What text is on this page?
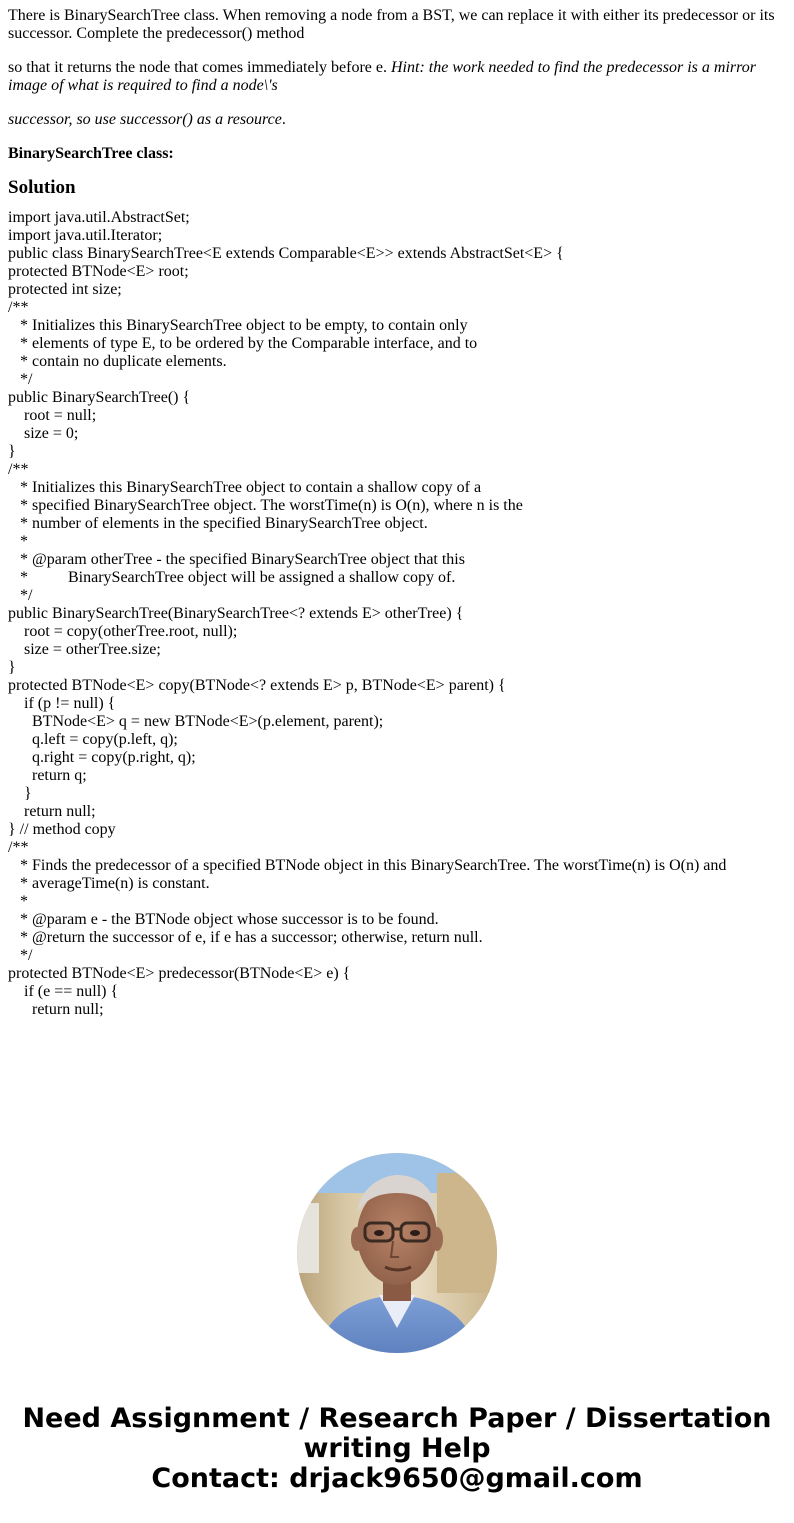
There is BinarySearchTree class. When removing a node from a BST, we can replace it with either its predecessor or its successor. Complete the predecessor() method

so that it returns the node that comes immediately before e. Hint: the work needed to find the predecessor is a mirror image of what is required to find a node\'s

successor, so use successor() as a resource.

BinarySearchTree class:

Solution

import java.util.AbstractSet;
import java.util.Iterator;

public class BinarySearchTree<E extends Comparable<E>> extends AbstractSet<E> {
protected BTNode<E> root;

protected int size;

/**
* Initializes this BinarySearchTree object to be empty, to contain only
* elements of type E, to be ordered by the Comparable interface, and to
* contain no duplicate elements.
*/
public BinarySearchTree() {
root = null;
size = 0;
}

/**
* Initializes this BinarySearchTree object to contain a shallow copy of a
* specified BinarySearchTree object. The worstTime(n) is O(n), where n is the
* number of elements in the specified BinarySearchTree object.
*
* @param otherTree - the specified BinarySearchTree object that this
*          BinarySearchTree object will be assigned a shallow copy of.
*/
public BinarySearchTree(BinarySearchTree<? extends E> otherTree) {
root = copy(otherTree.root, null);
size = otherTree.size;
}

protected BTNode<E> copy(BTNode<? extends E> p, BTNode<E> parent) {
if (p != null) {
BTNode<E> q = new BTNode<E>(p.element, parent);
q.left = copy(p.left, q);
q.right = copy(p.right, q);
return q;
}
return null;
} // method copy

/**
* Finds the predecessor of a specified BTNode object in this BinarySearchTree. The worstTime(n) is O(n) and
* averageTime(n) is constant.
*
* @param e - the BTNode object whose successor is to be found.
* @return the successor of e, if e has a successor; otherwise, return null.
*/
protected BTNode<E> predecessor(BTNode<E> e) {
if (e == null) {
return null;

Need Assignment / Research Paper / Dissertation
writing Help
Contact: drjack9650@gmail.com
